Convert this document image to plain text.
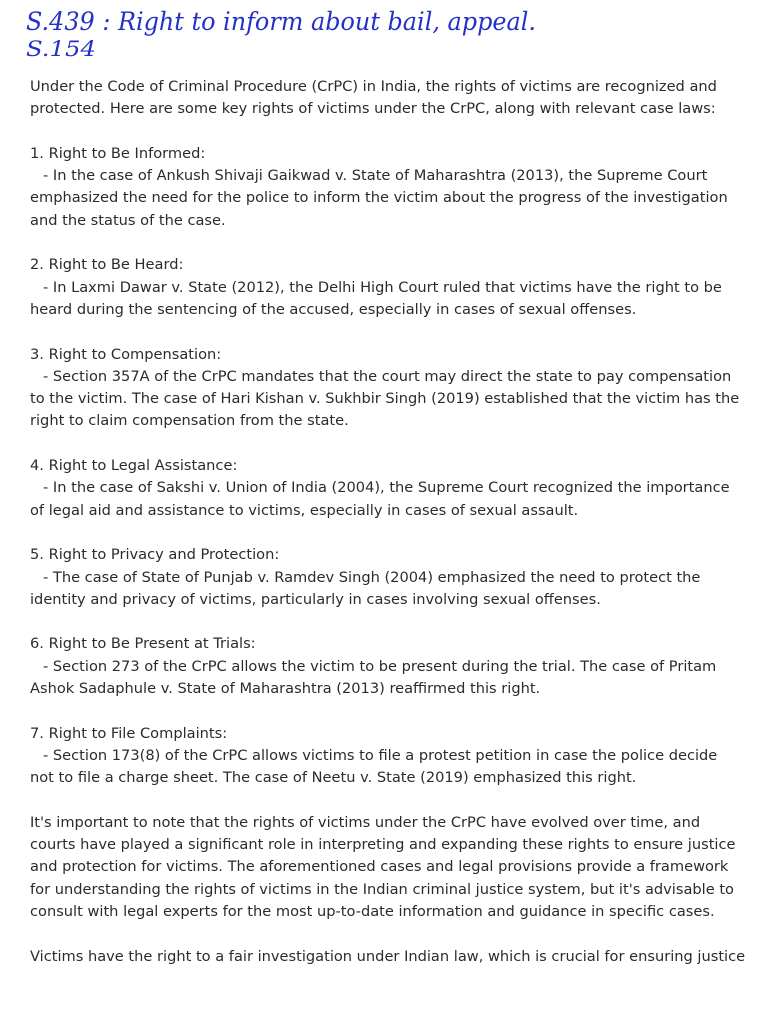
S.439 : Right to inform about bail, appeal.
S.154

Under the Code of Criminal Procedure (CrPC) in India, the rights of victims are recognized and protected. Here are some key rights of victims under the CrPC, along with relevant case laws:

1. Right to Be Informed:
- In the case of Ankush Shivaji Gaikwad v. State of Maharashtra (2013), the Supreme Court emphasized the need for the police to inform the victim about the progress of the investigation and the status of the case.
2. Right to Be Heard:
- In Laxmi Dawar v. State (2012), the Delhi High Court ruled that victims have the right to be heard during the sentencing of the accused, especially in cases of sexual offenses.
3. Right to Compensation:
- Section 357A of the CrPC mandates that the court may direct the state to pay compensation to the victim. The case of Hari Kishan v. Sukhbir Singh (2019) established that the victim has the right to claim compensation from the state.
4. Right to Legal Assistance:
- In the case of Sakshi v. Union of India (2004), the Supreme Court recognized the importance of legal aid and assistance to victims, especially in cases of sexual assault.
5. Right to Privacy and Protection:
- The case of State of Punjab v. Ramdev Singh (2004) emphasized the need to protect the identity and privacy of victims, particularly in cases involving sexual offenses.
6. Right to Be Present at Trials:
- Section 273 of the CrPC allows the victim to be present during the trial. The case of Pritam Ashok Sadaphule v. State of Maharashtra (2013) reaffirmed this right.
7. Right to File Complaints:
- Section 173(8) of the CrPC allows victims to file a protest petition in case the police decide not to file a charge sheet. The case of Neetu v. State (2019) emphasized this right.

It's important to note that the rights of victims under the CrPC have evolved over time, and courts have played a significant role in interpreting and expanding these rights to ensure justice and protection for victims. The aforementioned cases and legal provisions provide a framework for understanding the rights of victims in the Indian criminal justice system, but it's advisable to consult with legal experts for the most up-to-date information and guidance in specific cases.

Victims have the right to a fair investigation under Indian law, which is crucial for ensuring justice
